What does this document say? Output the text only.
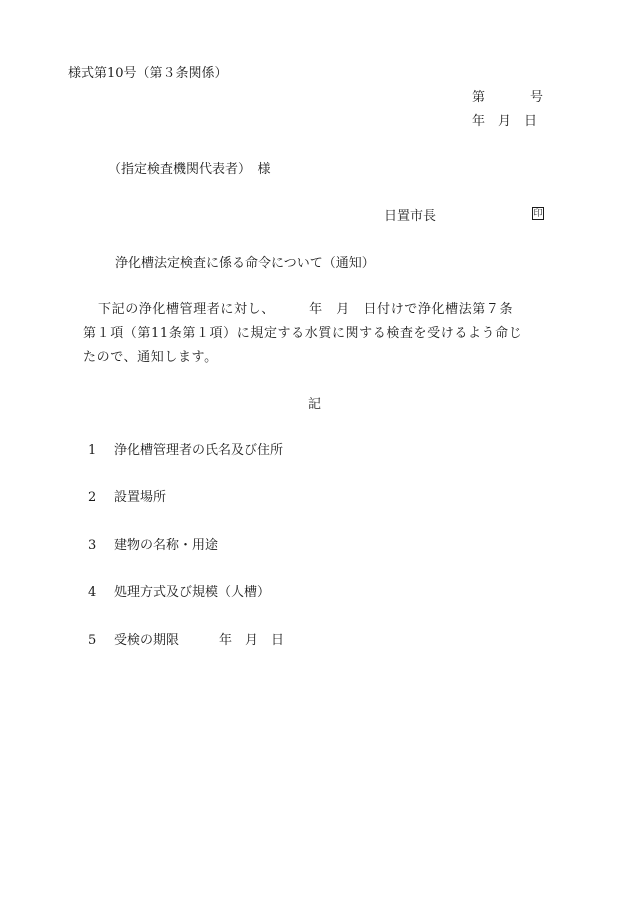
様式第10号（第３条関係）
第	号
年　月　日
（指定検査機関代表者）　様
日置市長	印
浄化槽法定検査に係る命令について（通知）
下記の浄化槽管理者に対し、　　　年　月　日付けで浄化槽法第７条
第１項（第11条第１項）に規定する水質に関する検査を受けるよう命じ
たので、通知します。
記
1 浄化槽管理者の氏名及び住所
2 設置場所
3 建物の名称・用途
4 処理方式及び規模（人槽）
5 受検の期限	年　月　日
